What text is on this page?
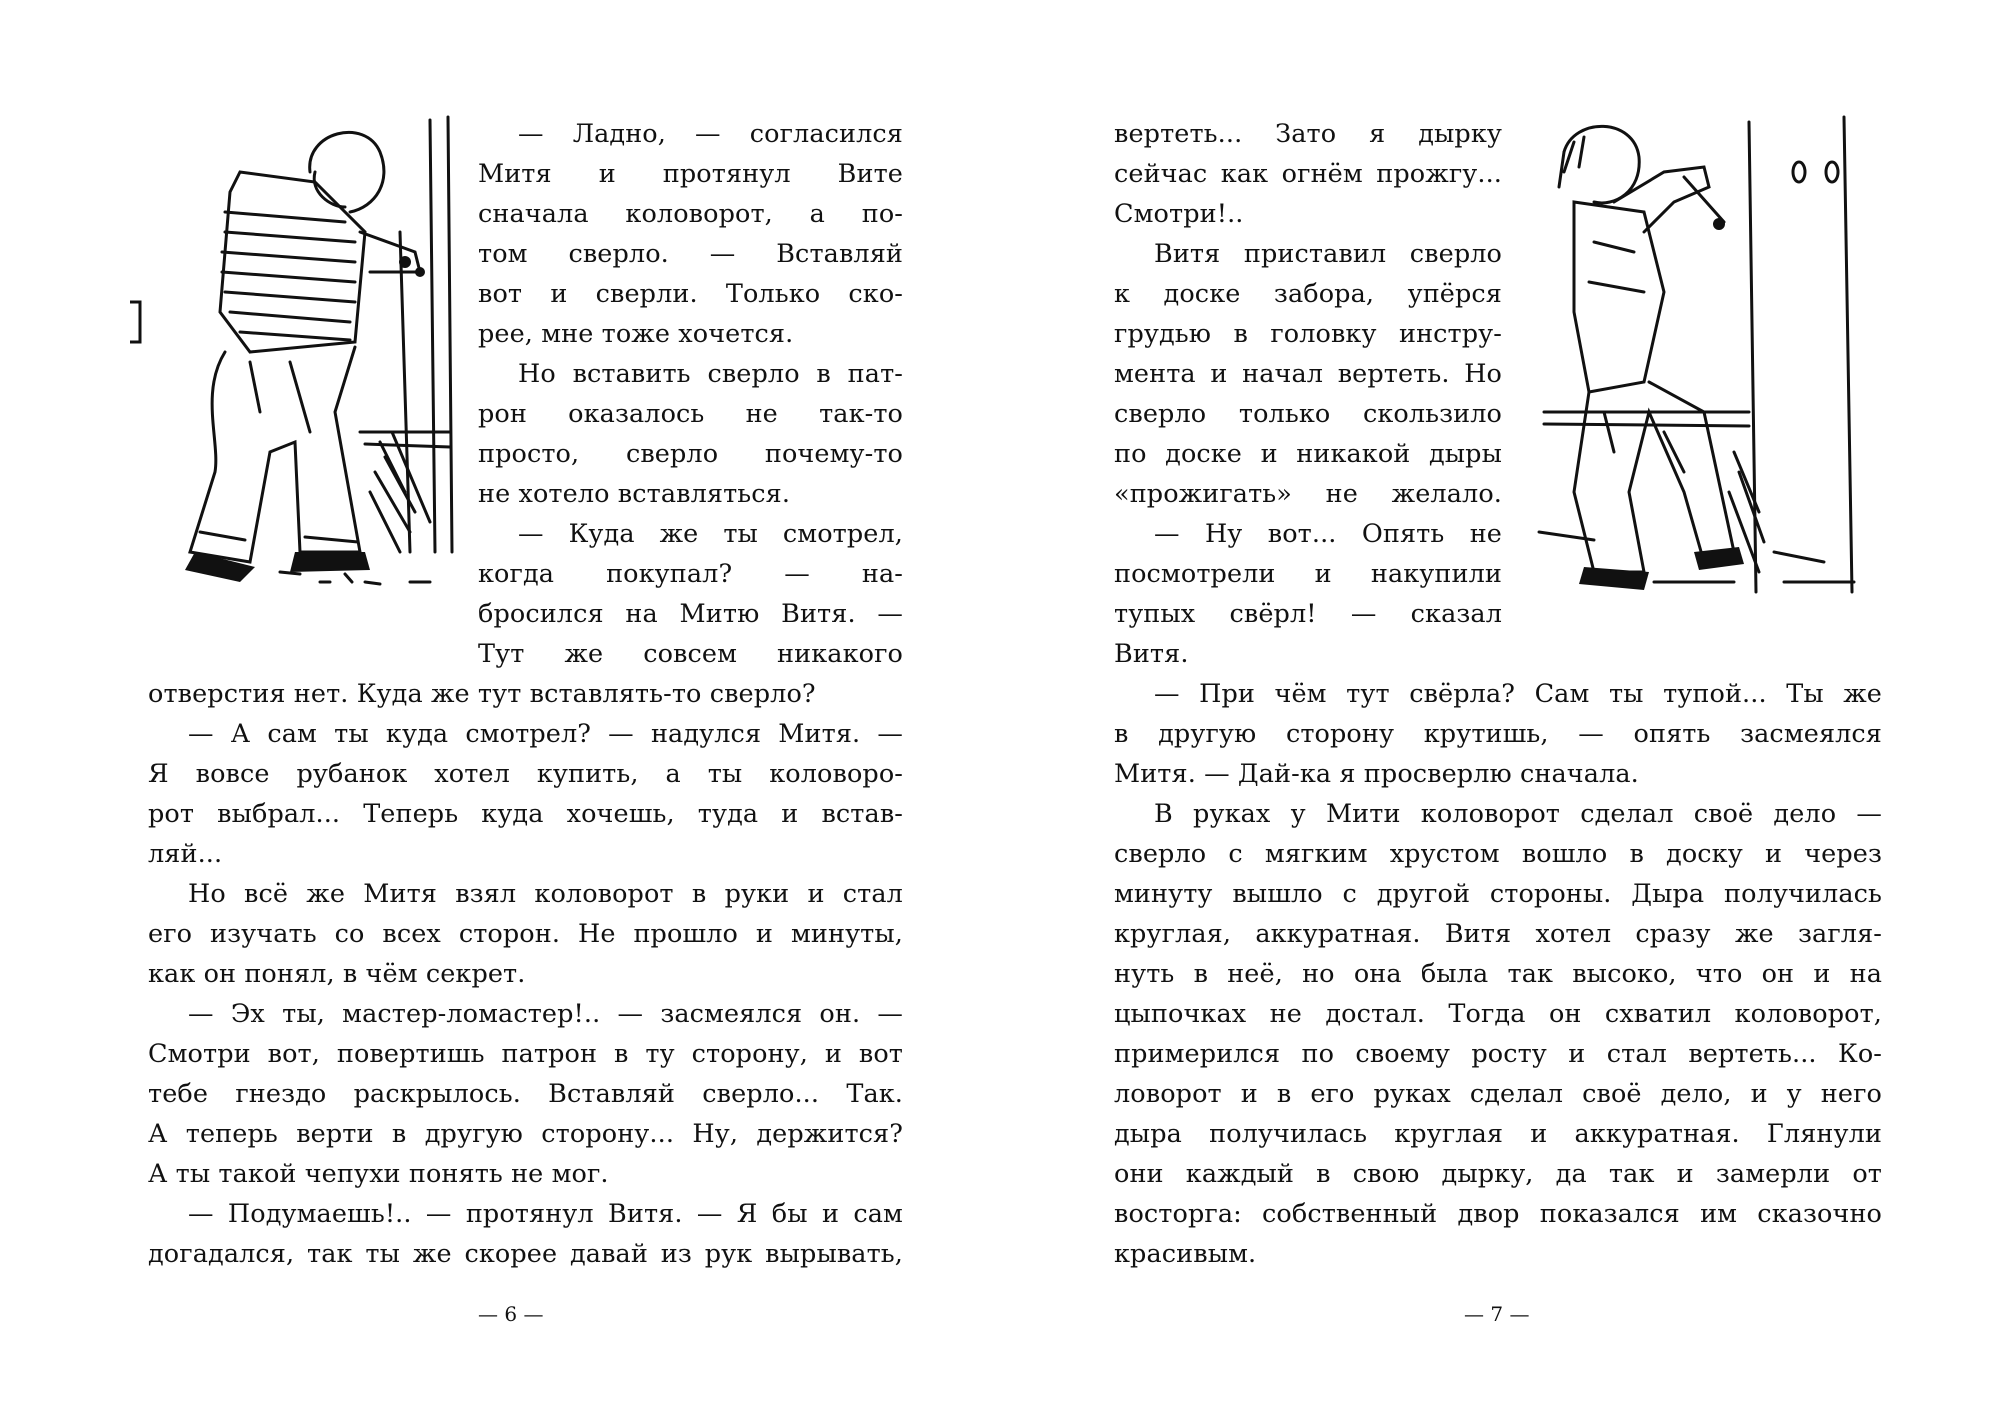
— Ладно, — согласился
Митя и протянул Вите
сначала коловорот, а по-
том сверло. — Вставляй
вот и сверли. Только ско-
рее, мне тоже хочется.
Но вставить сверло в пат-
рон оказалось не так-то
просто, сверло почему-то
не хотело вставляться.
— Куда же ты смотрел,
когда покупал? — на-
бросился на Митю Витя. —
Тут же совсем никакого
отверстия нет. Куда же тут вставлять-то сверло?
— А сам ты куда смотрел? — надулся Митя. —
Я вовсе рубанок хотел купить, а ты коловоро-
рот выбрал... Теперь куда хочешь, туда и встав-
ляй...
Но всё же Митя взял коловорот в руки и стал
его изучать со всех сторон. Не прошло и минуты,
как он понял, в чём секрет.
— Эх ты, мастер-ломастер!.. — засмеялся он. —
Смотри вот, повертишь патрон в ту сторону, и вот
тебе гнездо раскрылось. Вставляй сверло... Так.
А теперь верти в другую сторону... Ну, держится?
А ты такой чепухи понять не мог.
— Подумаешь!.. — протянул Витя. — Я бы и сам
догадался, так ты же скорее давай из рук вырывать,
— 6 —
вертеть... Зато я дырку
сейчас как огнём прожгу...
Смотри!..
Витя приставил сверло
к доске забора, упёрся
грудью в головку инстру-
мента и начал вертеть. Но
сверло только скользило
по доске и никакой дыры
«прожигать» не желало.
— Ну вот... Опять не
посмотрели и накупили
тупых свёрл! — сказал
Витя.
— При чём тут свёрла? Сам ты тупой... Ты же
в другую сторону крутишь, — опять засмеялся
Митя. — Дай-ка я просверлю сначала.
В руках у Мити коловорот сделал своё дело —
сверло с мягким хрустом вошло в доску и через
минуту вышло с другой стороны. Дыра получилась
круглая, аккуратная. Витя хотел сразу же загля-
нуть в неё, но она была так высоко, что он и на
цыпочках не достал. Тогда он схватил коловорот,
примерился по своему росту и стал вертеть... Ко-
ловорот и в его руках сделал своё дело, и у него
дыра получилась круглая и аккуратная. Глянули
они каждый в свою дырку, да так и замерли от
восторга: собственный двор показался им сказочно
красивым.
— 7 —
